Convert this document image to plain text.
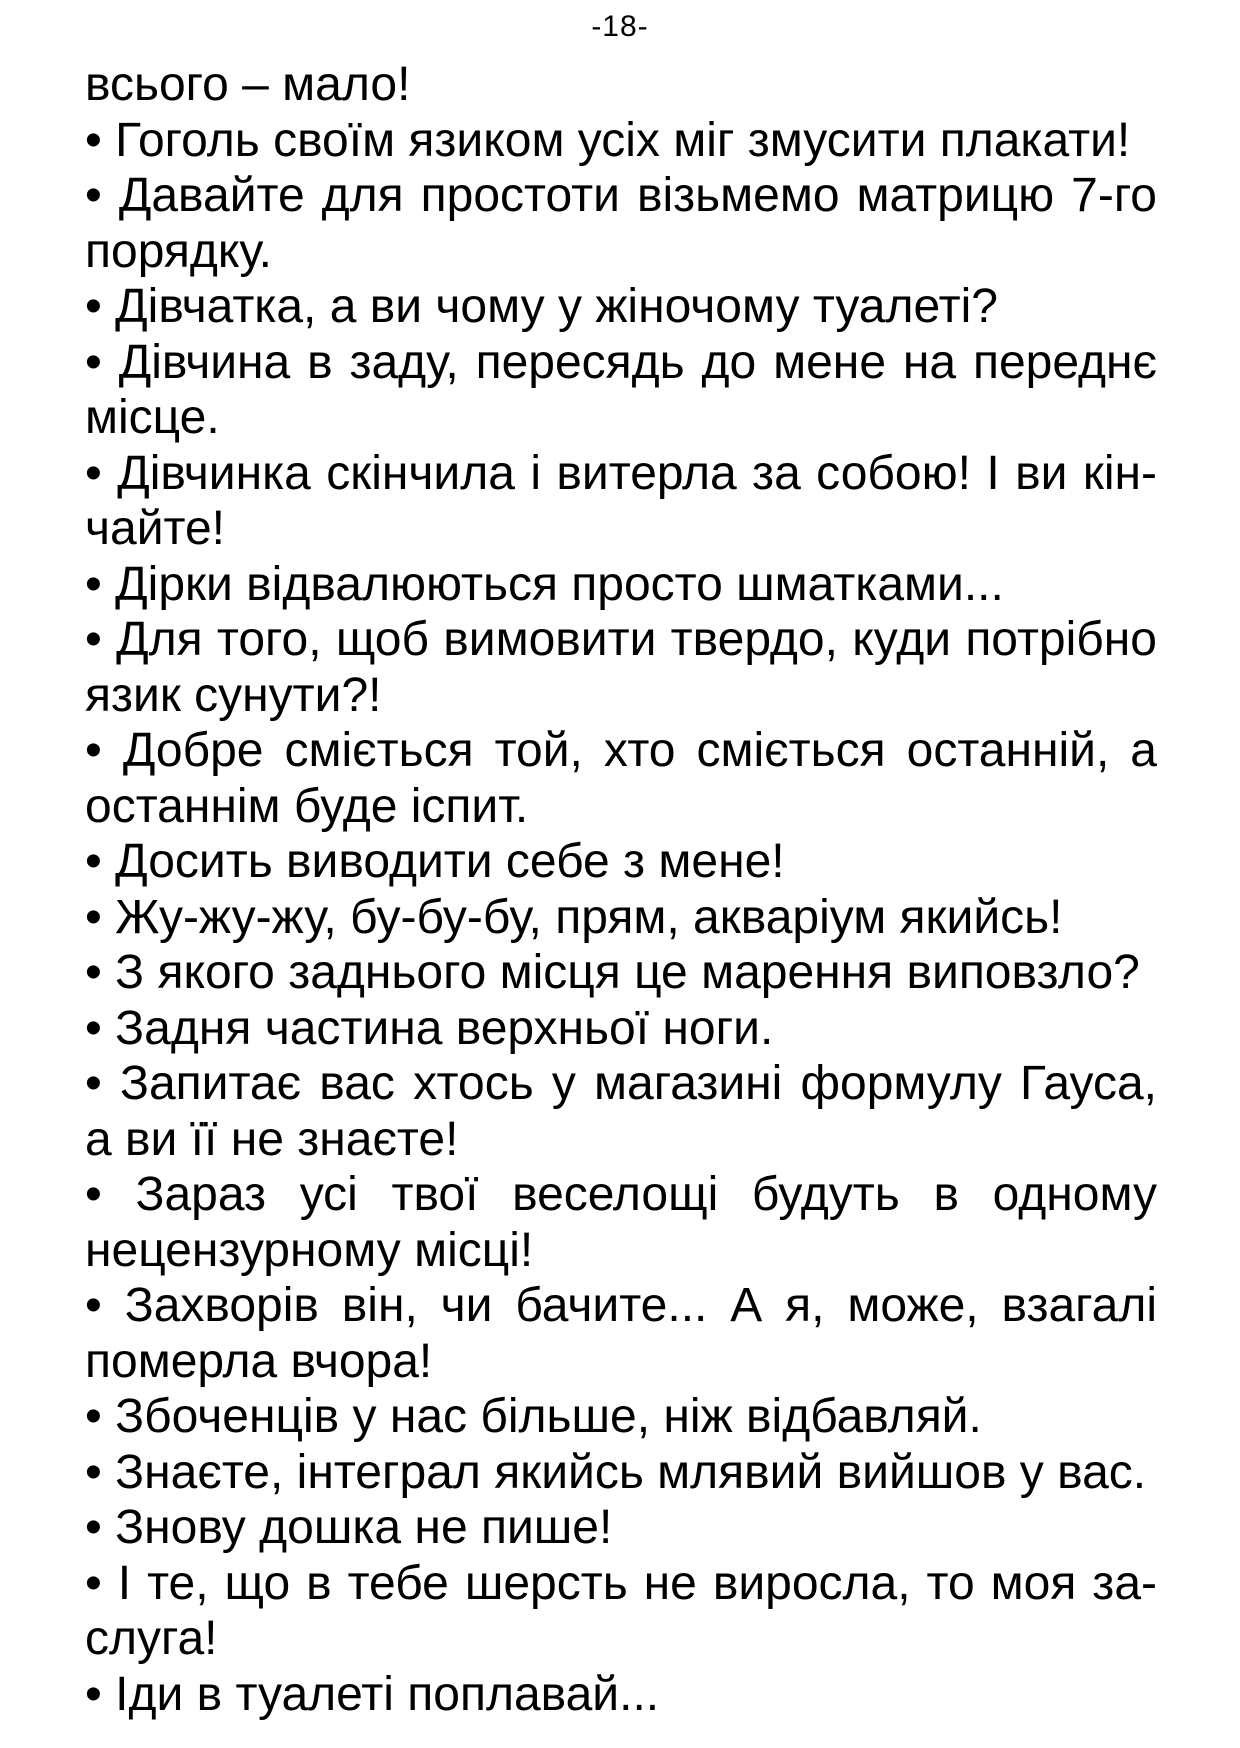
-18-

всього – мало!

• Гоголь своїм язиком усіх міг змусити плакати!

• Давайте для простоти візьмемо матрицю 7-го порядку.

• Дівчатка, а ви чому у жіночому туалеті?

• Дівчина в заду, пересядь до мене на переднє місце.

• Дівчинка скінчила і витерла за собою! І ви кінчайте!

• Дірки відвалюються просто шматками...

• Для того, щоб вимовити твердо, куди потрібно язик сунути?!

• Добре сміється той, хто сміється останній, а останнім буде іспит.

• Досить виводити себе з мене!

• Жу-жу-жу, бу-бу-бу, прям, акваріум якийсь!

• З якого заднього місця це марення виповзло?

• Задня частина верхньої ноги.

• Запитає вас хтось у магазині формулу Гауса, а ви її не знаєте!

• Зараз усі твої веселощі будуть в одному нецензурному місці!

• Захворів він, чи бачите... А я, може, взагалі померла вчора!

• Збоченців у нас більше, ніж відбавляй.

• Знаєте, інтеграл якийсь млявий вийшов у вас.

• Знову дошка не пише!

• І те, що в тебе шерсть не виросла, то моя заслуга!

• Іди в туалеті поплавай...
